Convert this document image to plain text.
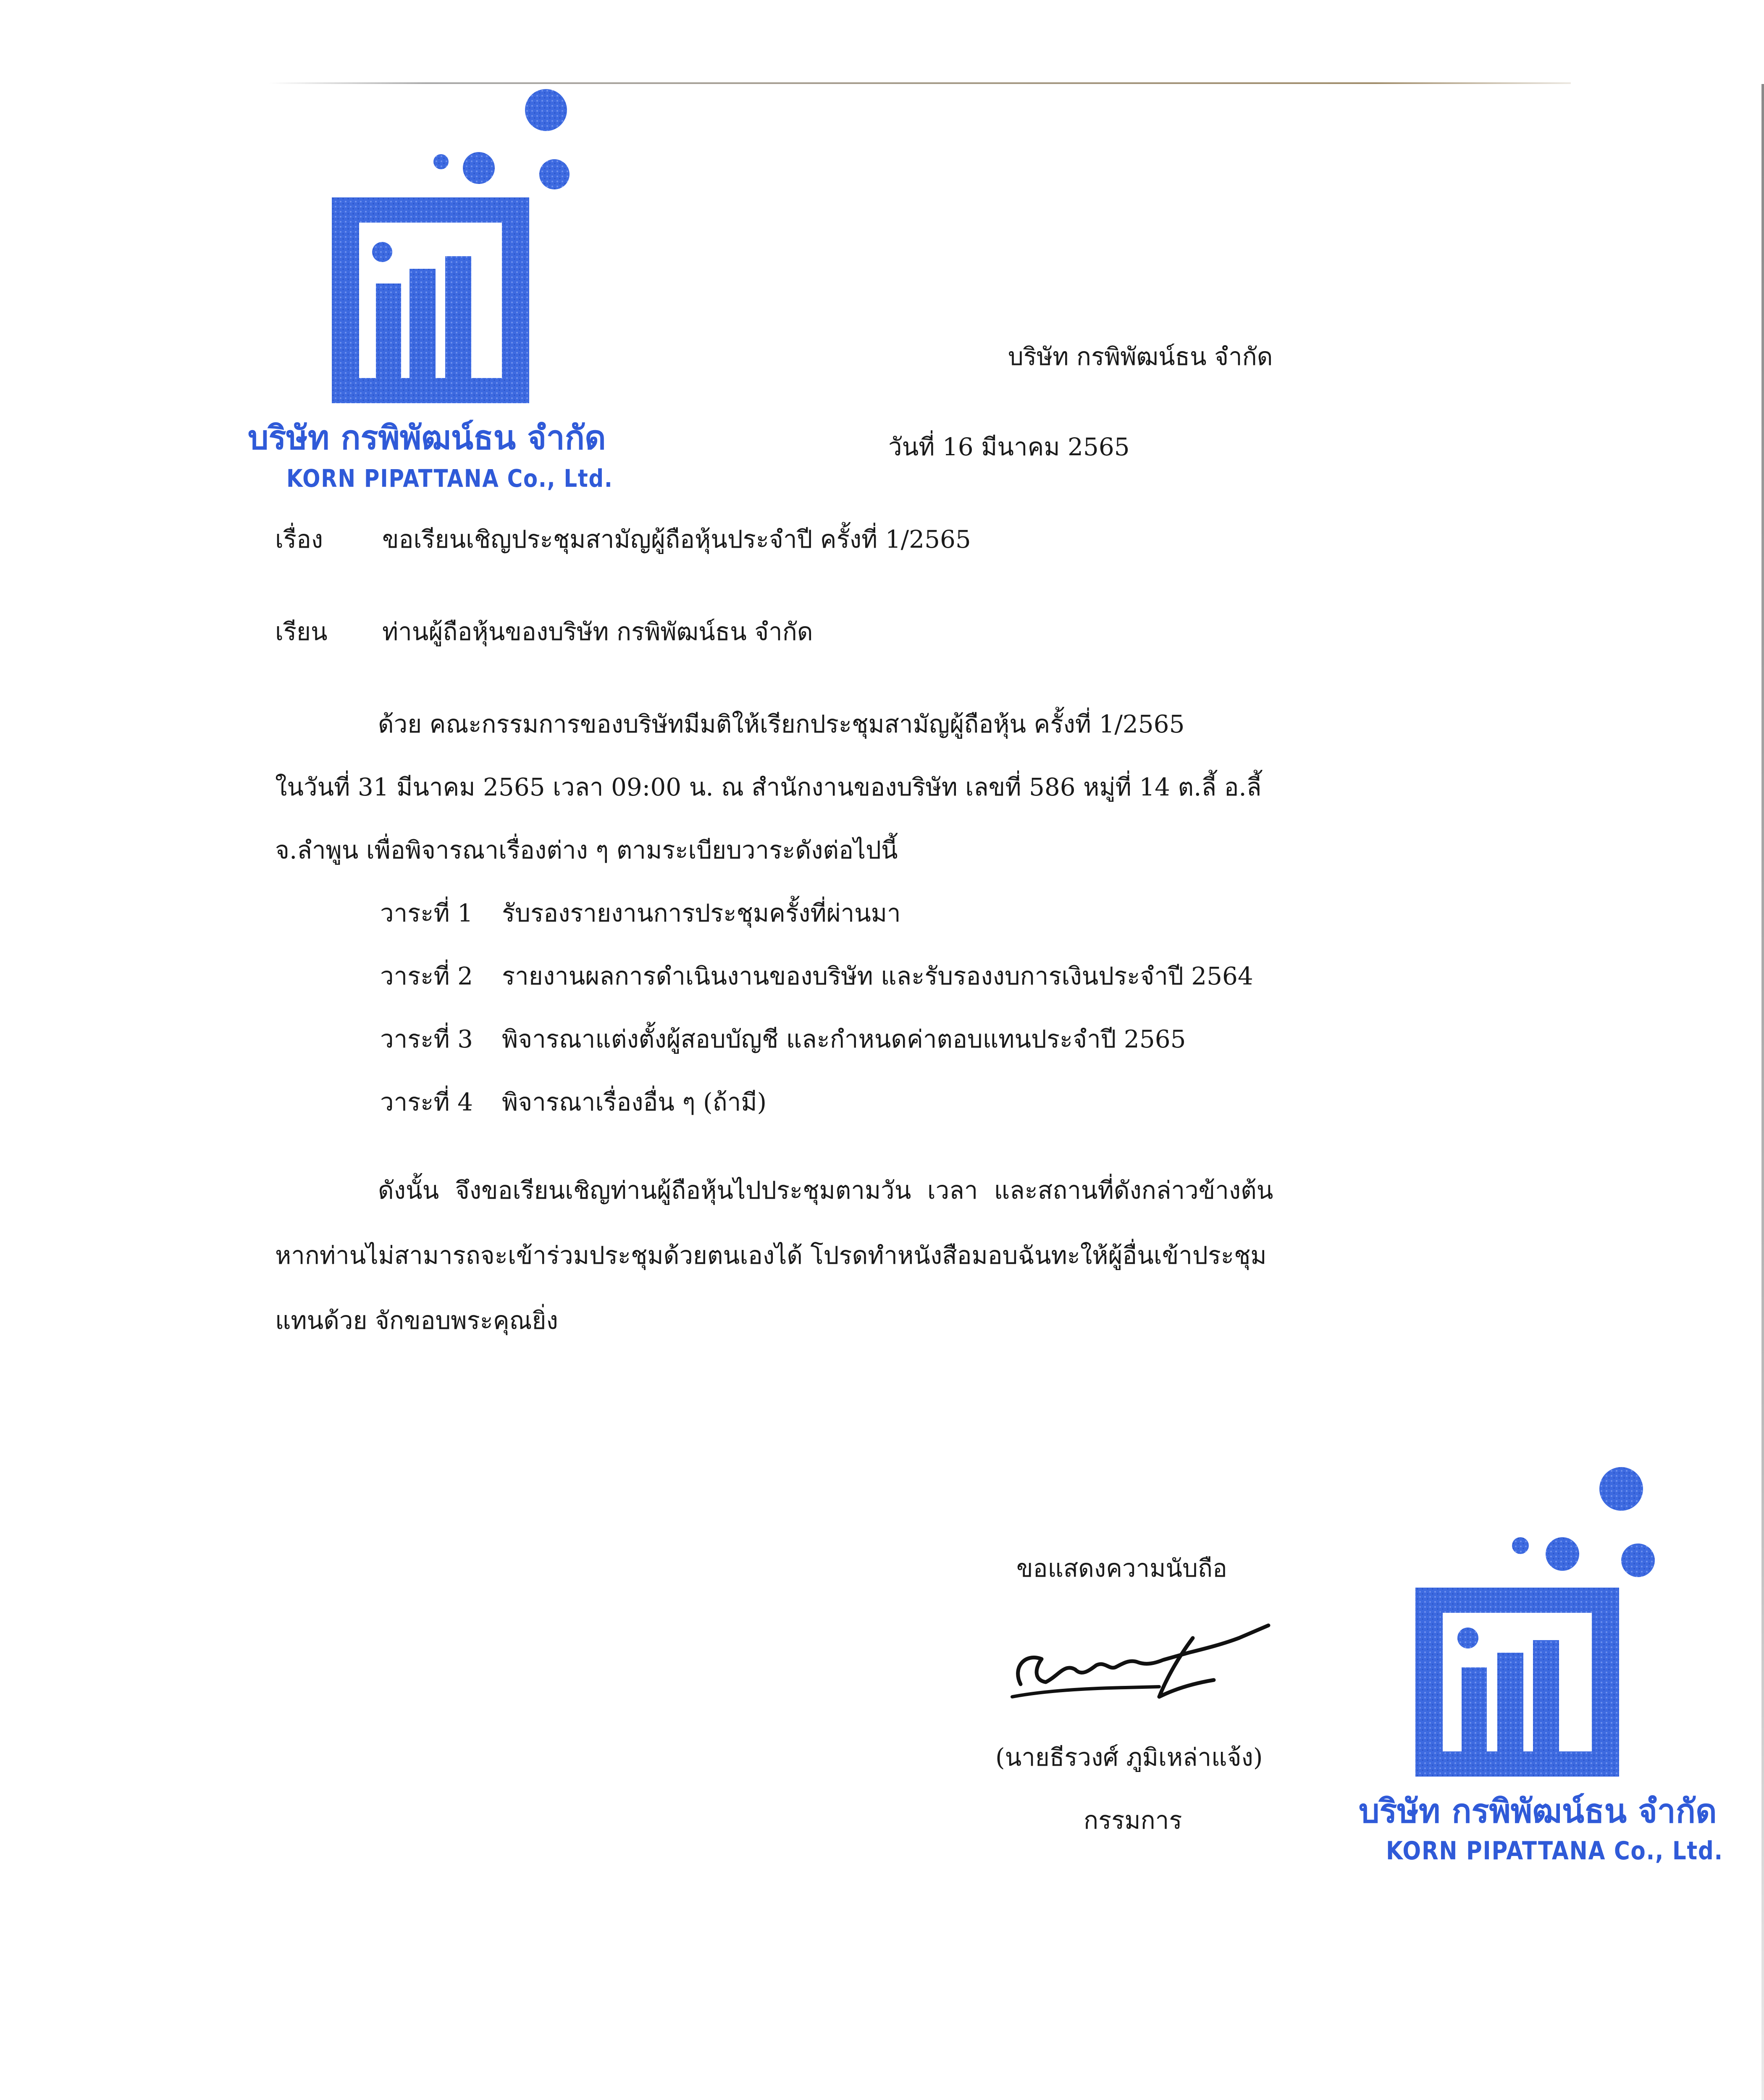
บริษัท กรพิพัฒน์ธน จำกัด
KORN PIPATTANA Co., Ltd.
บริษัท กรพิพัฒน์ธน จำกัด
วันที่ 16 มีนาคม 2565
เรื่อง ขอเรียนเชิญประชุมสามัญผู้ถือหุ้นประจำปี ครั้งที่ 1/2565
เรียน ท่านผู้ถือหุ้นของบริษัท กรพิพัฒน์ธน จำกัด
ด้วย คณะกรรมการของบริษัทมีมติให้เรียกประชุมสามัญผู้ถือหุ้น ครั้งที่ 1/2565
ในวันที่ 31 มีนาคม 2565 เวลา 09:00 น. ณ สำนักงานของบริษัท เลขที่ 586 หมู่ที่ 14 ต.ลี้ อ.ลี้
จ.ลำพูน เพื่อพิจารณาเรื่องต่าง ๆ ตามระเบียบวาระดังต่อไปนี้
วาระที่ 1 รับรองรายงานการประชุมครั้งที่ผ่านมา
วาระที่ 2 รายงานผลการดำเนินงานของบริษัท และรับรองงบการเงินประจำปี 2564
วาระที่ 3 พิจารณาแต่งตั้งผู้สอบบัญชี และกำหนดค่าตอบแทนประจำปี 2565
วาระที่ 4 พิจารณาเรื่องอื่น ๆ (ถ้ามี)
ดังนั้น จึงขอเรียนเชิญท่านผู้ถือหุ้นไปประชุมตามวัน เวลา และสถานที่ดังกล่าวข้างต้น
หากท่านไม่สามารถจะเข้าร่วมประชุมด้วยตนเองได้ โปรดทำหนังสือมอบฉันทะให้ผู้อื่นเข้าประชุม
แทนด้วย จักขอบพระคุณยิ่ง
ขอแสดงความนับถือ
(นายธีรวงศ์ ภูมิเหล่าแจ้ง)
กรรมการ	บริษัท กรพิพัฒน์ธน จำกัด
KORN PIPATTANA Co., Ltd.
